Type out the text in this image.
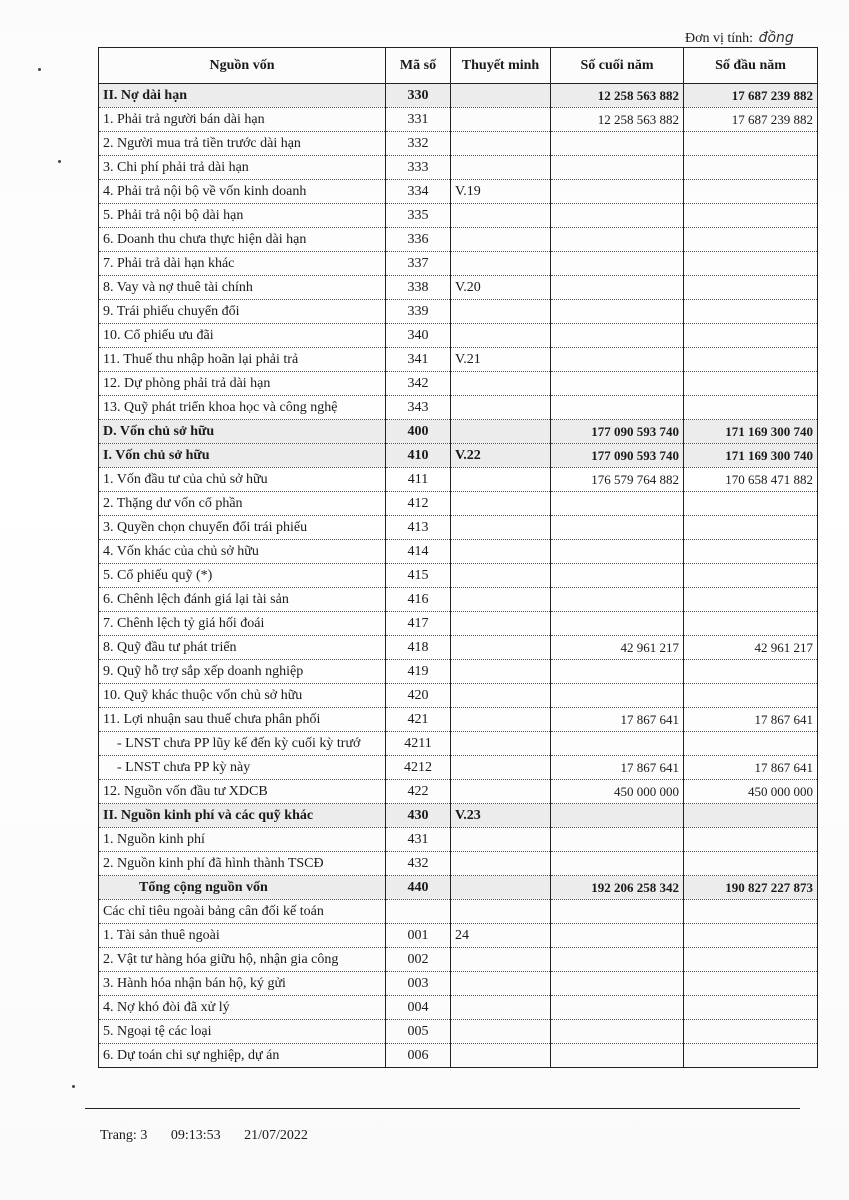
Đơn vị tính: đồng
Nguồn vốn	Mã số	Thuyết minh	Số cuối năm	Số đầu năm
II. Nợ dài hạn	330		12 258 563 882	17 687 239 882
1. Phải trả người bán dài hạn	331		12 258 563 882	17 687 239 882
2. Người mua trả tiền trước dài hạn	332			
3. Chi phí phải trả dài hạn	333			
4. Phải trả nội bộ về vốn kinh doanh	334	V.19		
5. Phải trả nội bộ dài hạn	335			
6. Doanh thu chưa thực hiện dài hạn	336			
7. Phải trả dài hạn khác	337			
8. Vay và nợ thuê tài chính	338	V.20		
9. Trái phiếu chuyển đổi	339			
10. Cổ phiếu ưu đãi	340			
11. Thuế thu nhập hoãn lại phải trả	341	V.21		
12. Dự phòng phải trả dài hạn	342			
13. Quỹ phát triển khoa học và công nghệ	343			
D. Vốn chủ sở hữu	400		177 090 593 740	171 169 300 740
I. Vốn chủ sở hữu	410	V.22	177 090 593 740	171 169 300 740
1. Vốn đầu tư của chủ sở hữu	411		176 579 764 882	170 658 471 882
2. Thặng dư vốn cổ phần	412			
3. Quyền chọn chuyển đổi trái phiếu	413			
4. Vốn khác của chủ sở hữu	414			
5. Cổ phiếu quỹ (*)	415			
6. Chênh lệch đánh giá lại tài sản	416			
7. Chênh lệch tỷ giá hối đoái	417			
8. Quỹ đầu tư phát triển	418		42 961 217	42 961 217
9. Quỹ hỗ trợ sắp xếp doanh nghiệp	419			
10. Quỹ khác thuộc vốn chủ sở hữu	420			
11. Lợi nhuận sau thuế chưa phân phối	421		17 867 641	17 867 641
- LNST chưa PP lũy kế đến kỳ cuối kỳ trướ	4211			
- LNST chưa PP kỳ này	4212		17 867 641	17 867 641
12. Nguồn vốn đầu tư XDCB	422		450 000 000	450 000 000
II. Nguồn kinh phí và các quỹ khác	430	V.23		
1. Nguồn kinh phí	431			
2. Nguồn kinh phí đã hình thành TSCĐ	432			
Tổng cộng nguồn vốn	440		192 206 258 342	190 827 227 873
Các chỉ tiêu ngoài bảng cân đối kế toán				
1. Tài sản thuê ngoài	001	24		
2. Vật tư hàng hóa giữu hộ, nhận gia công	002			
3. Hành hóa nhận bán hộ, ký gửi	003			
4. Nợ khó đòi đã xử lý	004			
5. Ngoại tệ các loại	005			
6. Dự toán chi sự nghiệp, dự án	006			
Trang: 3 09:13:53 21/07/2022
